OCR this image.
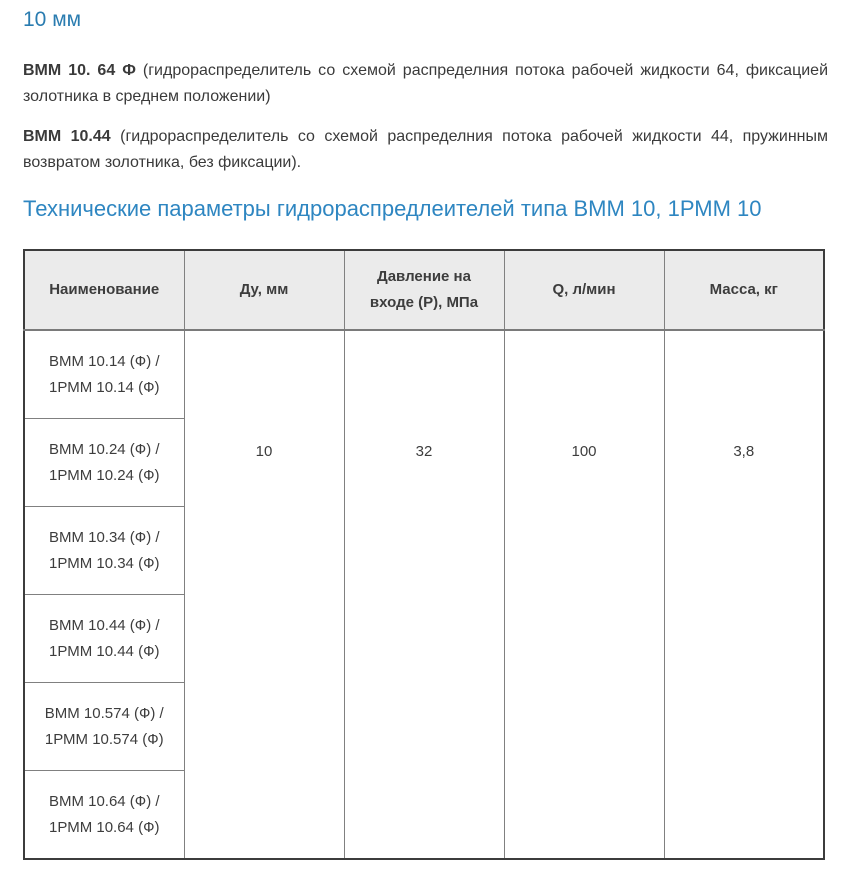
10 мм

ВММ 10. 64 Ф (гидрораспределитель со схемой распределния потока рабочей жидкости 64, фиксацией золотника в среднем положении)

ВММ 10.44 (гидрораспределитель со схемой распределния потока рабочей жидкости 44, пружинным возвратом золотника, без фиксации).

Технические параметры гидрораспредлеителей типа ВММ 10, 1РММ 10
Наименование	Ду, мм	Давление на входе (Р), МПа	Q, л/мин	Масса, кг
ВММ 10.14 (Ф) / 1РММ 10.14 (Ф)	10	32	100	3,8
ВММ 10.24 (Ф) / 1РММ 10.24 (Ф)				
ВММ 10.34 (Ф) / 1РММ 10.34 (Ф)				
ВММ 10.44 (Ф) / 1РММ 10.44 (Ф)				
ВММ 10.574 (Ф) / 1РММ 10.574 (Ф)				
ВММ 10.64 (Ф) / 1РММ 10.64 (Ф)				
